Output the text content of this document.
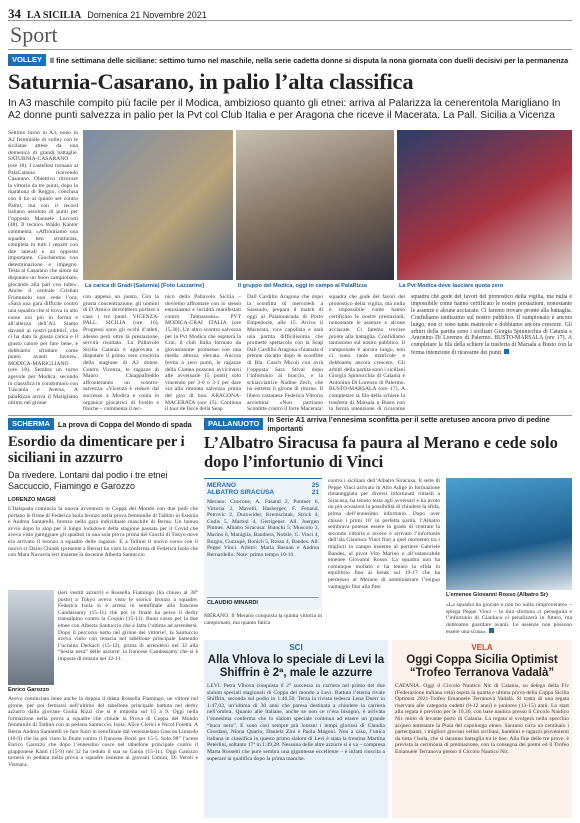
34 LA SICILIA Domenica 21 Novembre 2021
Sport
VOLLEY	Il fine settimana delle siciliane: settimo turno nel maschile, nella serie cadetta donne si disputa la nona giornata con duelli decisivi per la permanenza
Saturnia-Casarano, in palio l’alta classifica
In A3 maschile compito più facile per il Modica, ambizioso quanto gli etnei: arriva al Palarizza la cenerentola Marigliano In A2 donne punti salvezza in palio per la Pvt col Club Italia e per Aragona che riceve il Macerata. La Pall. Sicilia a Vicenza
Settimo turno in A3, nono in A2 femminile di volley con le siciliane attese da una domenica di grandi battaglie. SATURNIA-CASARANO (ore 18). I castellesi tornano al PalaCatania ricevendo Casarano. Obiettivo ritrovare la vittoria da tre punti, dopo la maratona di Reggio, conclusa con il ko al quinto set contro Palmi, ma con il record italiano assoluto di punti per l’opposto Manuele Luccotti (48). Il tecnico Waldo Kantor commenta: «Affrontiamo una squadra ben strutturata, completa in tutti i reparti con due laterali e un opposto importante. Giocheremo con determinazione e impegno. Testa al Casarano che simra da disputato un buon campionato, giocando alla pari con tutte». Anche il centrale Cristian Frumuselu non vede l’ora: «Sarà una gara difficile contro una squadra che si trova in alto come noi più in forma e all’altezza dell’A3. Siamo davanti ai nostri pubblici, che ci ha dato la giusta carica e il giusto calore per fare bene, e dobbiamo sfruttare come punto avanti favore». MODICA-MARIGLIANO (ore 18). Sembra un turno agevole per Modica, secondo in classifica in condominio con Tuscania e Aversa, A palaRizza arriva il Marigliano ultimo nel girone
La carica di Gradi (Saturnia) [Foto Lazzarine]	Il gruppo del Modica, oggi in campo al PalaRizza	La Pvt Modica deve lasciare quota zero
con appena un punto. Con la giusta concentrazione, gli uomini di D’Amico dovrebbero portare a casa i tre punti. VICENZA-PALL. SICILIA (ore 16). Progressi sono gli occhi d’atleti, adesso però oltre la prestazione, servirà risultato. La Pallavolo Sicilia Catania è approvata a disputare il primo vero crocevia della stagione di A2 donne. Contro Vicenza, le ragazze di Mauro Chiappafreddo affronteranno un scontro-salvezza. «Vicenza è reduce dal successo a Modica e conta in organico giocatrici di livello e finiche – commenta il tec-
nico della Pallavolo Sicilia – dovremo affrontare con lo stesso entusiasmo e lucidità manifestati contro Talmassons». PVT MODICA-CRAI ITALIA (ore 15,30). Un altro scontro salvezza per la Pvt Modica che ospiterà la Crai, il club Italia formato da giovanissime promesse con una media altezza elevata. Ancora ferma a zero punti, le ragazze della Contea possono avvicinarsi alle avversarie (5 punti) solo vincendo per 3-0 o 3-1 per dare via alla rimonta salvezza prima del giro di boa. ARAGONA-MACERATA (ore 15). Continua il tour de force della Seap
Dall Cardillo Aragona che dopo la sconfitta di mercoledì a Sassuolo, prepara il match di oggi al Palamoncada di Porto Empedocle, alle 15. Arriva il Macerata, vice capolista e sarà una partita difficilissima che promette spettacolo con la Seap Dall Cardillo Aragona chiamata d prenne riscatto dopo le sconfitte di Bla. Coach Micoli con avrà l’opposta Sara Stival dopo l’infortunio al braccio, e la schiacciatrice Nadine Zech, che ha estretta il girone di ritorno. Il libero castanese Federica Vittorio accomma «Non partiamo Scontitte contro il forte Macerata:
squadra che gode del favori del pronostico della vigilia, ma nulla è impossibile come hanno certificato le nostre prestazioni, nonostante le assenze e alcune acciacate. Ci faremo trovare pronte alla battaglia. Confidiamo tantissimo sul nostro pubblico. Il campionato è ancora lungo, non ci sono tante matricole e dobbiamo ancora crescere. Gli arbitri della partita sono i siciliani Giorgia Spinnicchia di Catania e Antonino Di Lorenzo di Palermo. BUSTO-MARSALA (ore 17). A completare la fila della schiere la trasferta di Marsala a Busto con la ferma intenzione di ricavarne
squadra che gode del favori del pronostico della vigilia, ma nulla è impossibile come hanno certificato le nostre prestazioni, nonostante le assenze e alcune acciacate. Ci faremo trovare pronte alla battaglia. Confidiamo tantissimo sul nostro pubblico. Il campionato è ancora lungo, non ci sono tante matricole e dobbiamo ancora crescere. Gli arbitri della partita sono i siciliani Giorgia Spinnicchia di Catania e Antonino Di Lorenzo di Palermo. BUSTO-MARSALA (ore 17). A completare la fila della schiere la trasferta di Marsala a Busto con la ferma intenzione di ricavarne dei punti.
SCHERMA	La prova di Coppa del Mondo di spada
Esordio da dimenticare per i siciliani in azzurro
Da rivedere. Lontani dal podio i tre etnei Saccuccio, Fiamingo e Garozzo
LORENZO MAGRÌ
L’Italspada comincia la nuova avventura in Coppa del Mondo con due podi che portano le firme di Federica Isola bronzo nella prova femminile di Tallinn in Estonia e Andrea Santarelli, bronzo nella gara individuale maschile di Berna. Un bunuo avvio dopo lo stop per il lungo lockdown della stagione passata per il Covid che aveva visto gareggiare gli spadisti in una sola prova prima dei Giochi di Tokyo dove era arrivato il bronzo a squadre delle ragazze. E a Tallinn il nuovo corso con il nuovo ct Dario Chiadò (presente a Berna) ha visto la conferma di Federica Isola che con Mara Navarria ieri insieme la docenne Alberta Santuccio
(ieri vestiti azzurri) e Rossella Fiamingo (ha chiuso al 38° posto) a Tokyo aveva visto le storico bronzo a squadre. Federica Isola si è arresa in semifinale alla francese Candassamy (15-11) che poi in finale ha perso il derby transalpino contro la Coquin (15-11). Buon cosso per la due etnee con Alberta Santuccio che a fatta l’ultima ad arrendersi. Dopo il percorso netto nel girone del vittorie!, la Santuccio aveva vinto con tenacia nel tabellone principale battendo l’ucraina Derkach (15-12), prima di arrendersi nel 32 alla “bestia nera” delle azzurre: la francese Candassamy che si è imposta di misura nel 12-11.
Enrico Garozzo
Avevo cominciato bene anche la doppia il ddata Rossella Fiamingo, un vittore nel girone, per poi fermarsi nell’ultimo del tabellone principale battuta nel derby azzurro dalla giovane Giulia Rizzi che si è imposta sul 15 a 9. Oggi nella formazione nella prova a squadre che chiude la Prova di Coppa del Mondo femminile di Tallinn con in pedana Santuccio, Isola, Alice Clerici e Nicol Foietta. A Berna Andrea Santarelli ve fare fuori in semifinale dal venezuelano Gascon Limardo (10-9) che ha poi vinto la finale contro il francese Borel per 15-5. Solo 98° l’acese Enrico Garozzo che dopo l’ennesimo cosce nel tabellone principale contro il giapponese Kanti (15-9) nei 32 ha ceduto il sua so Ganin (15-11). Oggi Garozzo tornerà in pedana nella prova a squadre insieme ai giovani Cimini, Di Veroli e Vismara.
PALLANUOTO	In Serie A1 arriva l’ennesima sconfitta per il sette aretuseo ancora privo di pedine importanti
L’Albatro Siracusa fa paura al Merano e cede solo dopo l’infortunio di Vinci
MERANO	25
ALBATRO SIRACUSA	21
Merano: Cuocone, A. Fasand 2, Pontner 6, Virtoria 2, Mavelli, Hasberger, F. Fenand, Petrovic 2, Durowider, Kremschtak, Strick 4, Cudis 5, Martini 4, Gerrigener. All. Juergen Pintner. Albatro Siracusa: Bianchi 5, Muscolo 3, Marino 6, Maniglia, Bandiera, Nobile, G. Vinci 4, Burgio, Cuzzupè, Bonich 5, Rosso 4, Bandes. All. Peppe Vinci. Arbitri: Maria Basuan e Andrea Bernardello. Note: primo tempo 10-10.
CLAUDIO MINARDI
MERANO. Il Merano conquista la quinta vittoria in campionato, ma quanto fatica
contro i siciliani dell’Albatro Siracusa. Il sette di Peppe Vinci arrivato in Alto Adige in formazione rimaneggiata per diversi infortunati rimasti a Siracusa, ha tenuto testa agli avversari e ha avuto un più occasioni la possibilità di chiudere la sfida, prima dell’ennesimo infortunio. Dopo aver chiuso i primi 10’ in perfetta parità, l’Albatro sembrava potesse essere in grado di centrare la seconda vittoria e invece è arrivato l’infortunio dell’ala Gianluca Vinci fino a quel momento tra i migliori in campo insieme al portiere Gabriele Bandes, al pivot Vito Marino e all’ustancabile emenee Giovanni Rosso. La squadra non ha comunque mollato e ha tenuto la sfida in equilibrio fino al break sul 19-17 che ha permesso al Merano di amministrare l’esiguo vantaggio fino alla fine.
L’emenee Giovanni Rosso (Albatro Sr)
«La squadra ha giocato e non ho nulla rimproverare» – spiega Peppe Vinci – la mia sfortuna ci perseguita e l’infortunio di Gianluca ci penalizzerà in futuro, ma dobbiamo guardare avanti. Le assenze non possono essere una scusa».
SCI
Alla Vhlova lo speciale di Levi la Shiffrin è 2ª, male le azzurre
LEVI. Petra Vlhova conquista il 2° successo in carriera nel primo dei due slalom speciali stagionali di Coppa del mondo a Levi. Battuta l’eterna rivale Shiffrin, seconda sul podio in 1:46,50. Terza la rivista tedesca Lena Duerr in 1:47,03, un’ultima di 30 anni che paresa destinata a chiudere la carriera nell’ombra. Quanto alle italiane, anche se non ce n’era bisogno, è arrivata l’ennesima conferma che lo slalom speciale continua ad essere un grande “buco nero”. E sono così sempre più lontani i tempi gloriosi di Claudia Giordani, Ninna Quario, Daniela Zini e Paola Magoni. Non a caso, l’unica italiana in classifica in questo primo slalom di Levi è stata la trentina Martina Peterlini, soltanto 17ª in 1:49,28. Nessuna delle altre azzurre si è va – compresa Marta Rossetti che pure sembra una gigantesse eccellente – è infatti riuscita a superare la qualifica dopo la prima manche.
VELA
Oggi Coppa Sicilia Optimist “Trofeo Terranova Vadalà”
CATANIA. Oggi il Circolo Nautico Nic di Catania, su delega della Fiv (Federazione italiana vela) ospita la quarta e ultima prova della Coppa Sicilia Optimist 2021-Trofeo Emanuele Terranova Vadalà. Si tratta di una regata riservata alle categorie cadetti (8-12 anni) e juniores (13-15) anni. Lo start alla regata è previsto per le 10,30, con base nautica presso il Circolo Nautico Nic molo di levante porto di Catania. La regata si svolgerà nello specchio acqueo antistante la Plaia del capoluogo etneo. Saranno circa un centinaio i partecipanti, i migliori giovani velisti siciliani, bambini e ragazzi provenienti da tutta l’isola, che si daranno battaglia tra le boe. Alla fine delle tre prove, è prevista la cerimonia di premiazione, con la consegna dei premi ed il Trofeo Emanuele Terranova presso il Circolo Nautico Nic.
